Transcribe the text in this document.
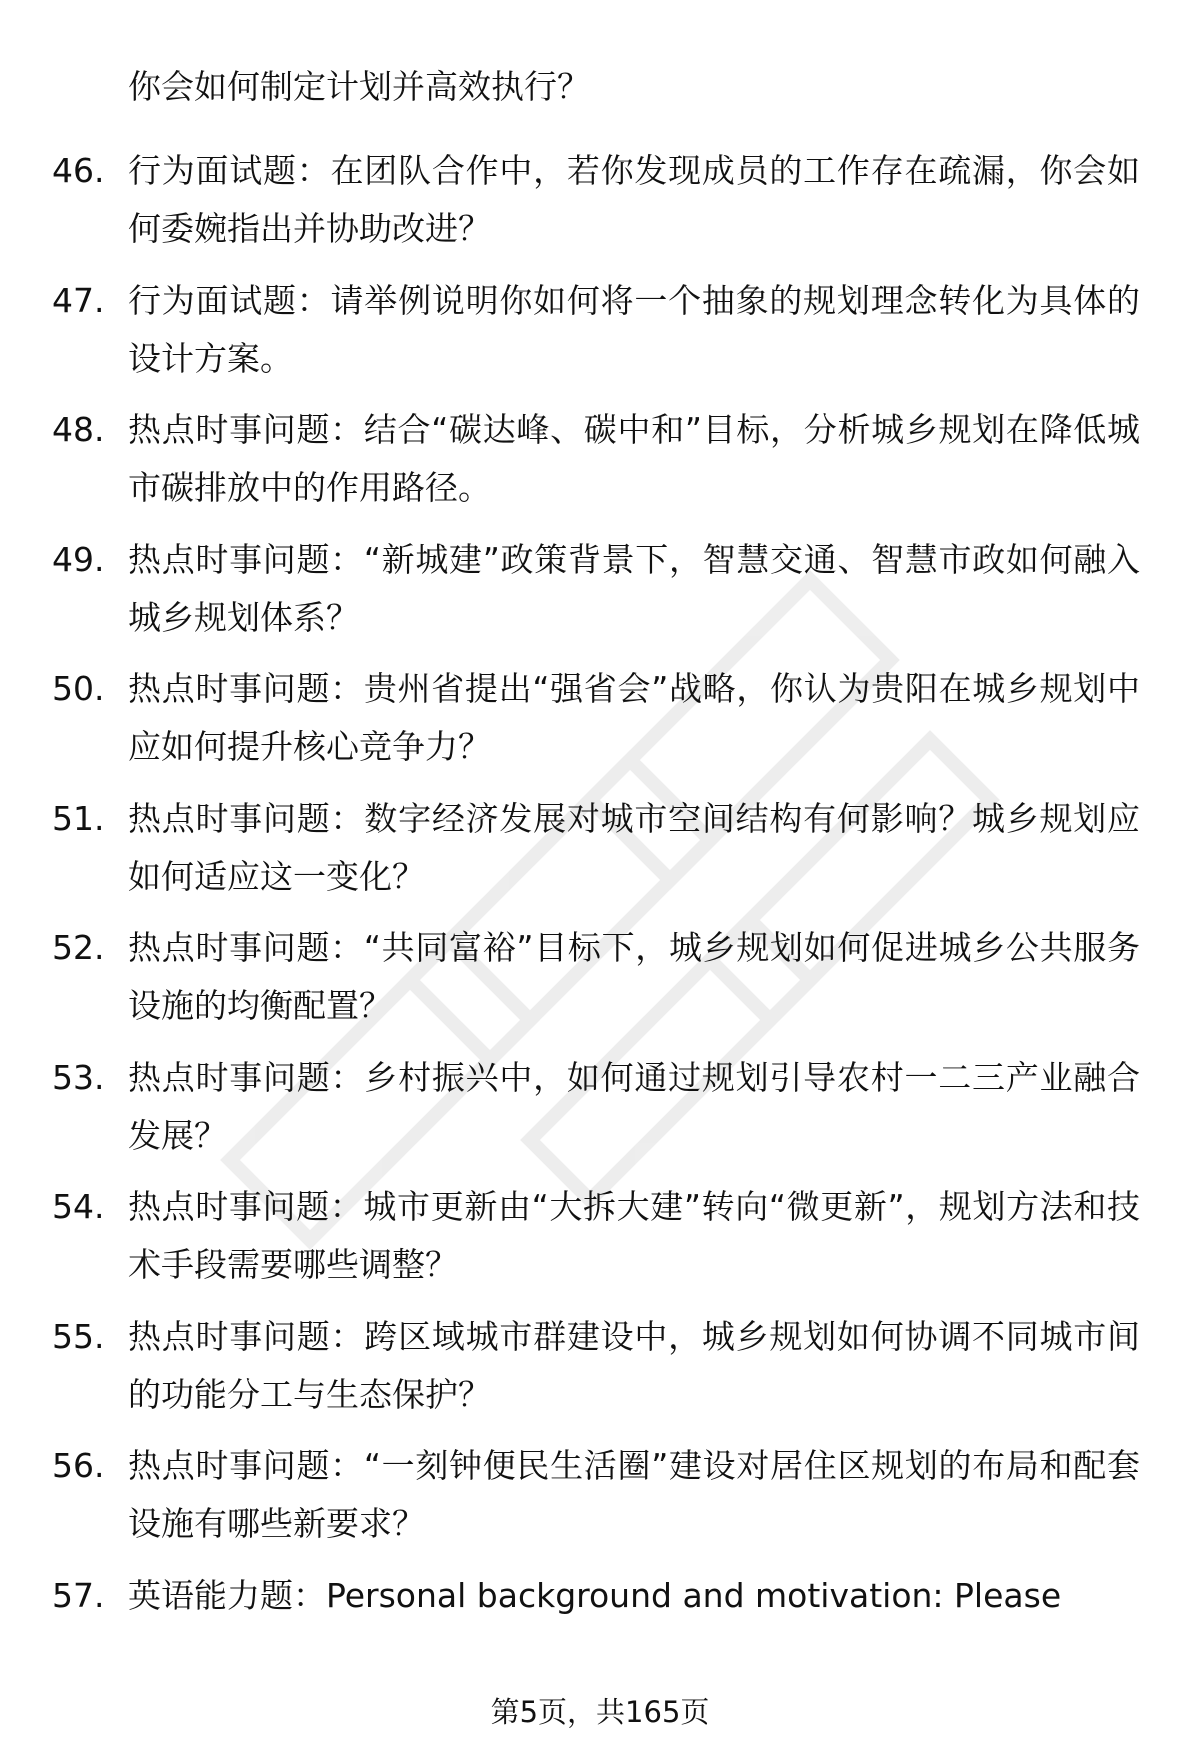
你会如何制定计划并高效执行？
46. 行为面试题：在团队合作中，若你发现成员的工作存在疏漏，你会如何委婉指出并协助改进？
47. 行为面试题：请举例说明你如何将一个抽象的规划理念转化为具体的设计方案。
48. 热点时事问题：结合“碳达峰、碳中和”目标，分析城乡规划在降低城市碳排放中的作用路径。
49. 热点时事问题：“新城建”政策背景下，智慧交通、智慧市政如何融入城乡规划体系？
50. 热点时事问题：贵州省提出“强省会”战略，你认为贵阳在城乡规划中应如何提升核心竞争力？
51. 热点时事问题：数字经济发展对城市空间结构有何影响？城乡规划应如何适应这一变化？
52. 热点时事问题：“共同富裕”目标下，城乡规划如何促进城乡公共服务设施的均衡配置？
53. 热点时事问题：乡村振兴中，如何通过规划引导农村一二三产业融合发展？
54. 热点时事问题：城市更新由“大拆大建”转向“微更新”，规划方法和技术手段需要哪些调整？
55. 热点时事问题：跨区域城市群建设中，城乡规划如何协调不同城市间的功能分工与生态保护？
56. 热点时事问题：“一刻钟便民生活圈”建设对居住区规划的布局和配套设施有哪些新要求？
57. 英语能力题：Personal background and motivation: Please
第5页，共165页
